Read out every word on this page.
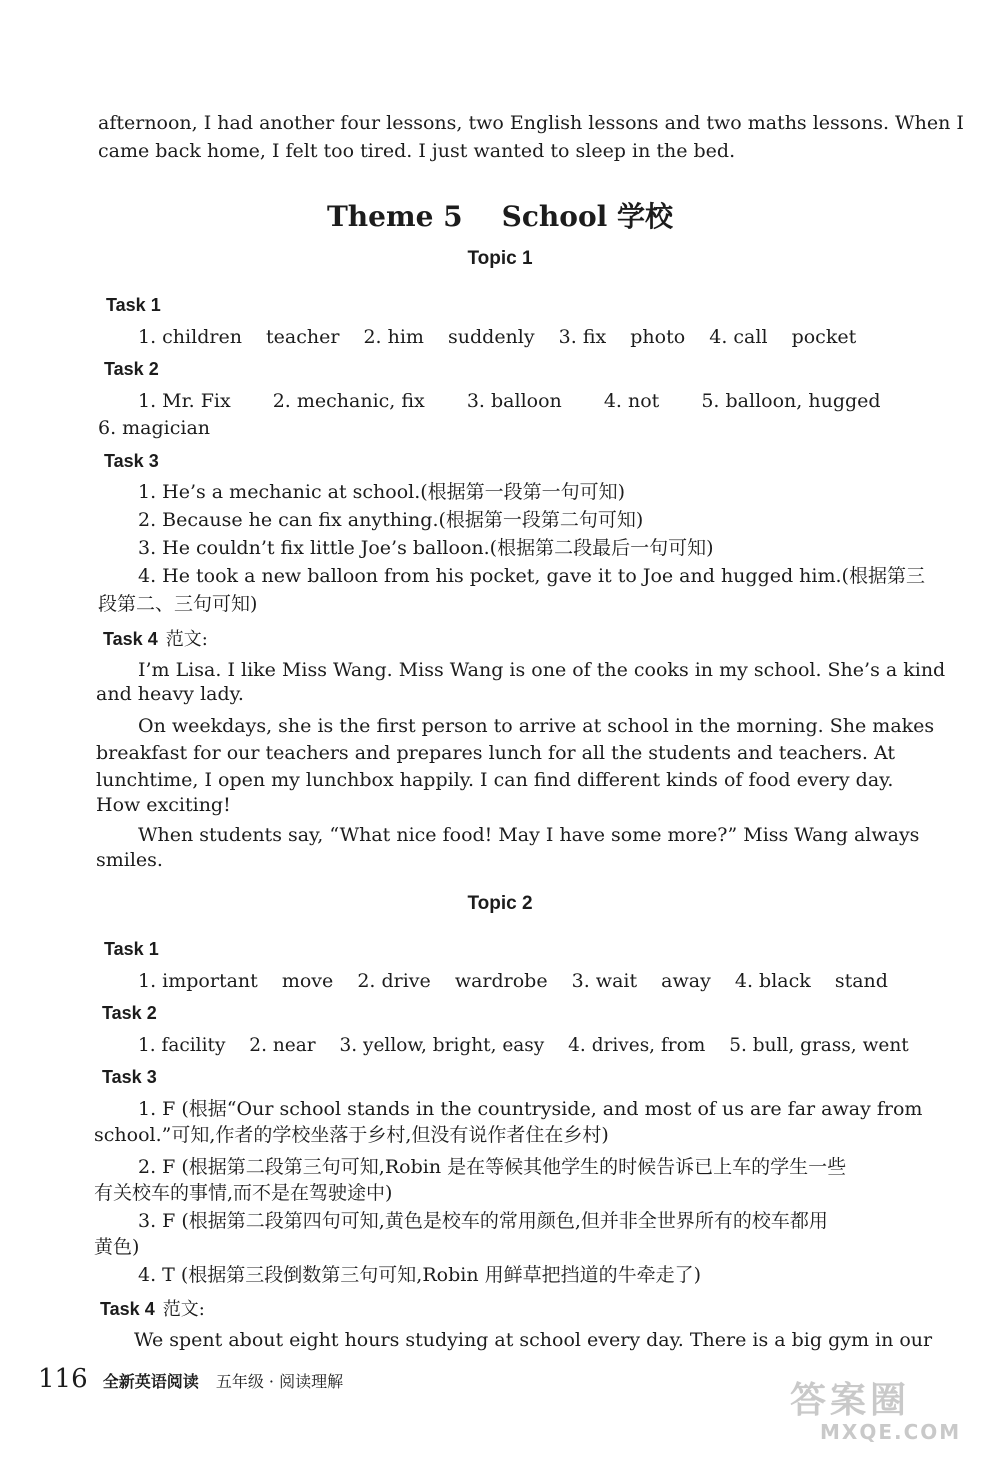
afternoon, I had another four lessons, two English lessons and two maths lessons. When I

came back home, I felt too tired. I just wanted to sleep in the bed.

Theme 5    School 学校
Topic 1
Task 1

1. children teacher 2. him suddenly 3. fix photo 4. call pocket

Task 2

1. Mr. Fix 2. mechanic, fix 3. balloon 4. not 5. balloon, hugged

6. magician

Task 3

1. He’s a mechanic at school.(根据第一段第一句可知)

2. Because he can fix anything.(根据第一段第二句可知)

3. He couldn’t fix little Joe’s balloon.(根据第二段最后一句可知)

4. He took a new balloon from his pocket, gave it to Joe and hugged him.(根据第三

段第二、三句可知)

Task 4 范文:

I’m Lisa. I like Miss Wang. Miss Wang is one of the cooks in my school. She’s a kind

and heavy lady.

On weekdays, she is the first person to arrive at school in the morning. She makes

breakfast for our teachers and prepares lunch for all the students and teachers. At

lunchtime, I open my lunchbox happily. I can find different kinds of food every day.

How exciting!

When students say, “What nice food! May I have some more?” Miss Wang always

smiles.

Topic 2
Task 1

1. important move 2. drive wardrobe 3. wait away 4. black stand

Task 2

1. facility 2. near 3. yellow, bright, easy 4. drives, from 5. bull, grass, went

Task 3

1. F (根据“Our school stands in the countryside, and most of us are far away from

school.”可知,作者的学校坐落于乡村,但没有说作者住在乡村)

2. F (根据第二段第三句可知,Robin 是在等候其他学生的时候告诉已上车的学生一些

有关校车的事情,而不是在驾驶途中)

3. F (根据第二段第四句可知,黄色是校车的常用颜色,但并非全世界所有的校车都用

黄色)

4. T (根据第三段倒数第三句可知,Robin 用鲜草把挡道的牛牵走了)

Task 4 范文:

We spent about eight hours studying at school every day. There is a big gym in our

116 全新英语阅读 五年级 · 阅读理解	答案圈
MXQE.COM
